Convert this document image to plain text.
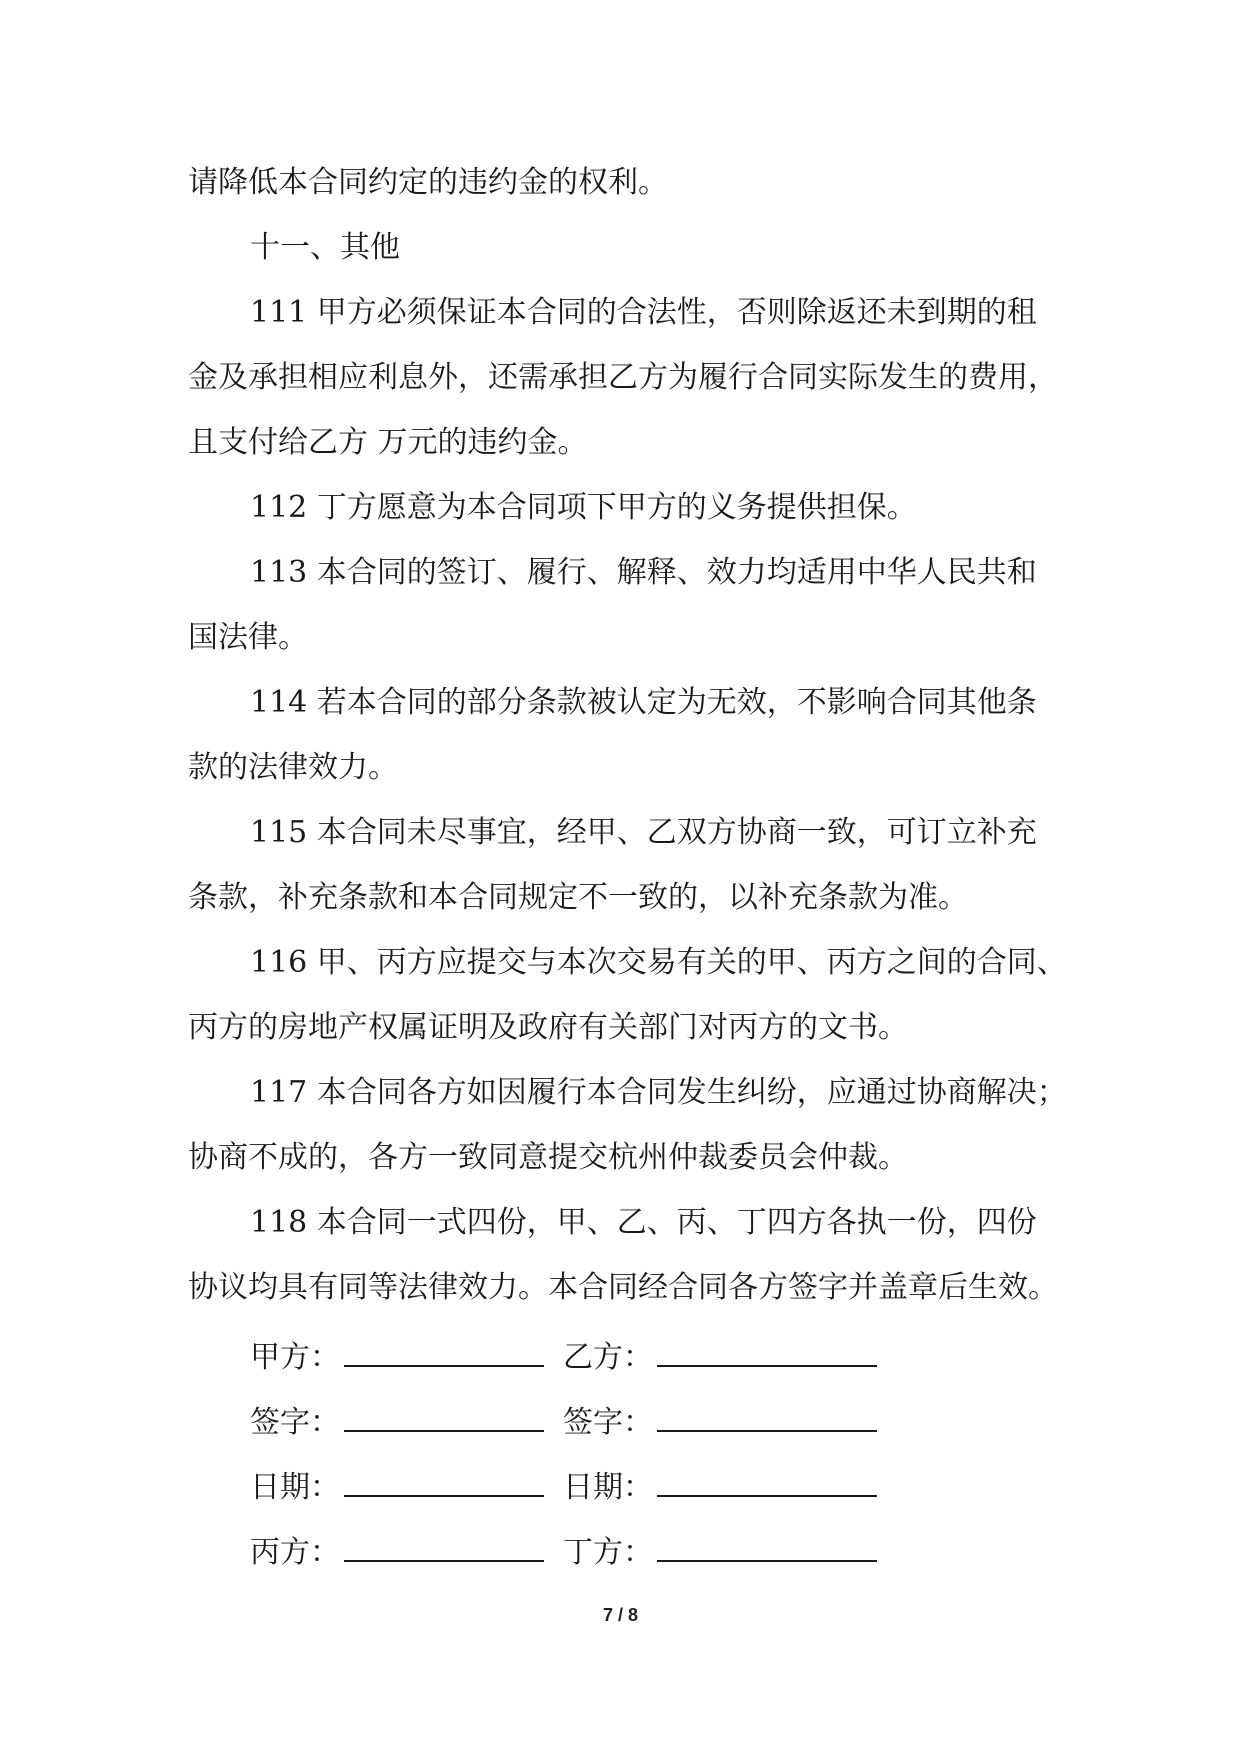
请降低本合同约定的违约金的权利。
十一、其他
111 甲方必须保证本合同的合法性，否则除返还未到期的租
金及承担相应利息外，还需承担乙方为履行合同实际发生的费用，
且支付给乙方 万元的违约金。
112 丁方愿意为本合同项下甲方的义务提供担保。
113 本合同的签订、履行、解释、效力均适用中华人民共和
国法律。
114 若本合同的部分条款被认定为无效，不影响合同其他条
款的法律效力。
115 本合同未尽事宜，经甲、乙双方协商一致，可订立补充
条款，补充条款和本合同规定不一致的，以补充条款为准。
116 甲、丙方应提交与本次交易有关的甲、丙方之间的合同、
丙方的房地产权属证明及政府有关部门对丙方的文书。
117 本合同各方如因履行本合同发生纠纷，应通过协商解决；
协商不成的，各方一致同意提交杭州仲裁委员会仲裁。
118 本合同一式四份，甲、乙、丙、丁四方各执一份，四份
协议均具有同等法律效力。本合同经合同各方签字并盖章后生效。
甲方：	乙方：
签字：	签字：
日期：	日期：
丙方：	丁方：
7 / 8
